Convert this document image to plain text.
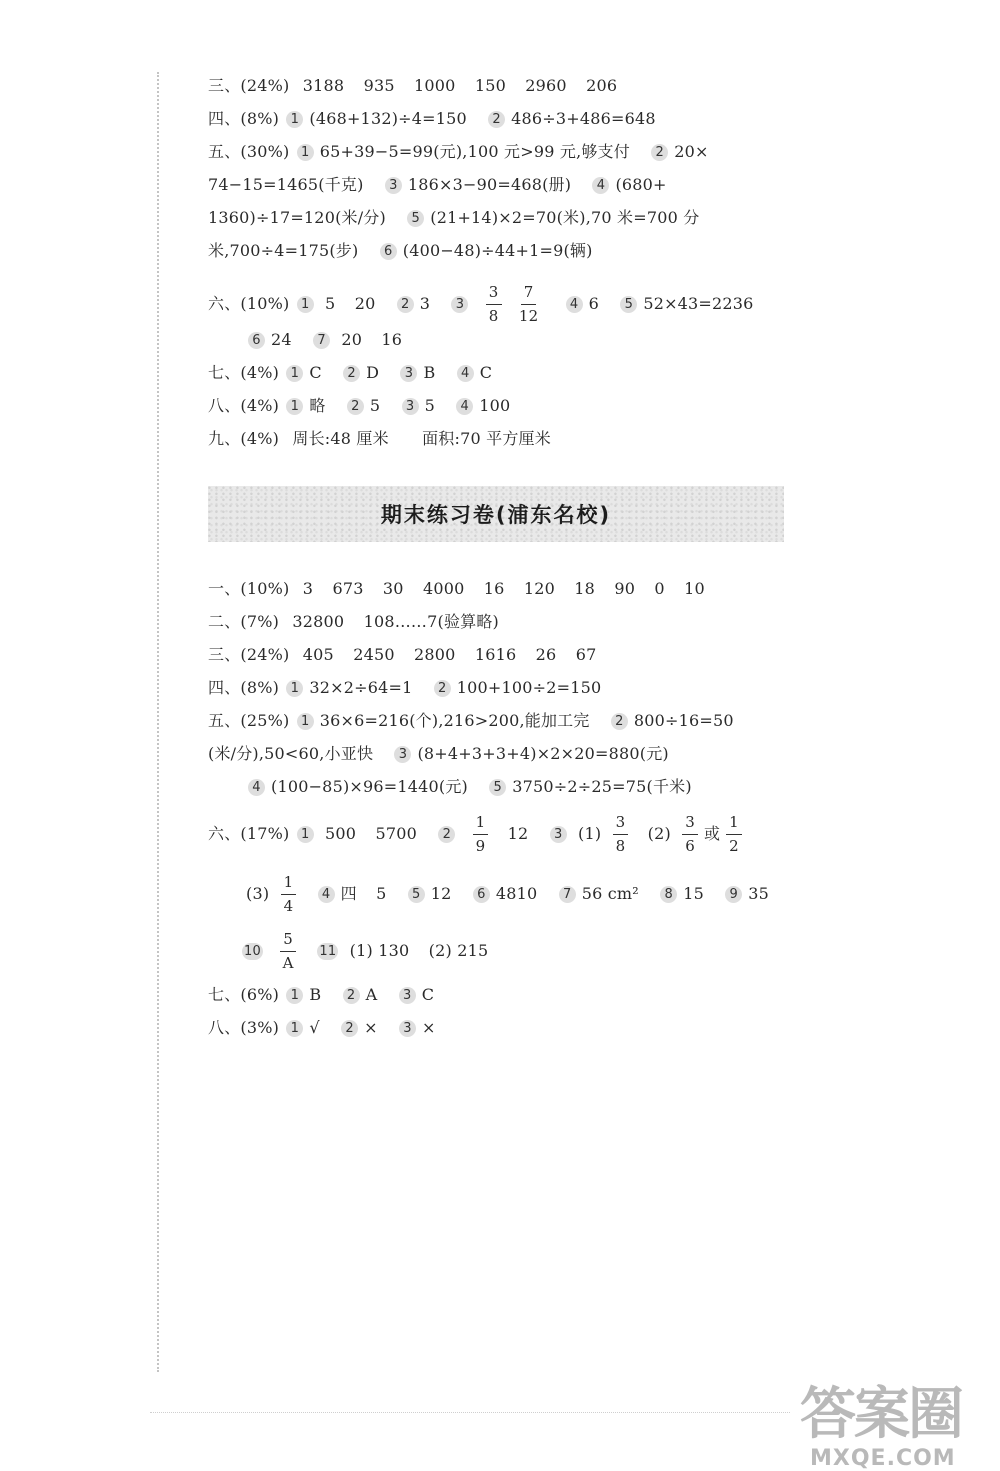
三、(24%) 3188 935 1000 150 2960 206
四、(8%) 1 (468+132)÷4=150 2 486÷3+486=648
五、(30%) 1 65+39−5=99(元),100 元>99 元,够支付 2 20×
74−15=1465(千克) 3 186×3−90=468(册) 4 (680+
1360)÷17=120(米/分) 5 (21+14)×2=70(米),70 米=700 分
米,700÷4=175(步) 6 (400−48)÷44+1=9(辆)
六、(10%) 1 5 20 2 3 $3 \frac{3}{8}$
$\frac{7}{12} 4$ 6 5 52×43=2236
6 24 7 20 16
七、(4%) 1 C 2 D 3 B 4 C
八、(4%) 1 略 2 5 3 5 4 100
九、(4%) 周长:48 厘米 面积:70 平方厘米
期末练习卷(浦东名校)
一、(10%) 3 673 30 4000 16 120 18 90 0 10
二、(7%) 32800 108……7(验算略)
三、(24%) 405 2450 2800 1616 26 67
四、(8%) 1 32×2÷64=1 2 100+100÷2=150
五、(25%) 1 36×6=216(个),216>200,能加工完 2 800÷16=50
(米/分),50<60,小亚快 3 (8+4+3+3+4)×2×20=880(元)
4 (100−85)×96=1440(元) 5 3750÷2÷25=75(千米)
六、(17%) 1 500 5700 $2 \frac{1}{9} 12$ 3 $(1) \frac{3}{8} (2) \frac{3}{6}$ 或 $\frac{1}{2}$
$(3) \frac{1}{4} 4$ 四 5 5 12 6 4810 7 56 cm² 8 15 9 35
$10 \frac{5}{A} 11$ (1) 130 (2) 215
七、(6%) 1 B 2 A 3 C
八、(3%) 1 √ 2 × 3 ×
答案圈
MXQE.COM
